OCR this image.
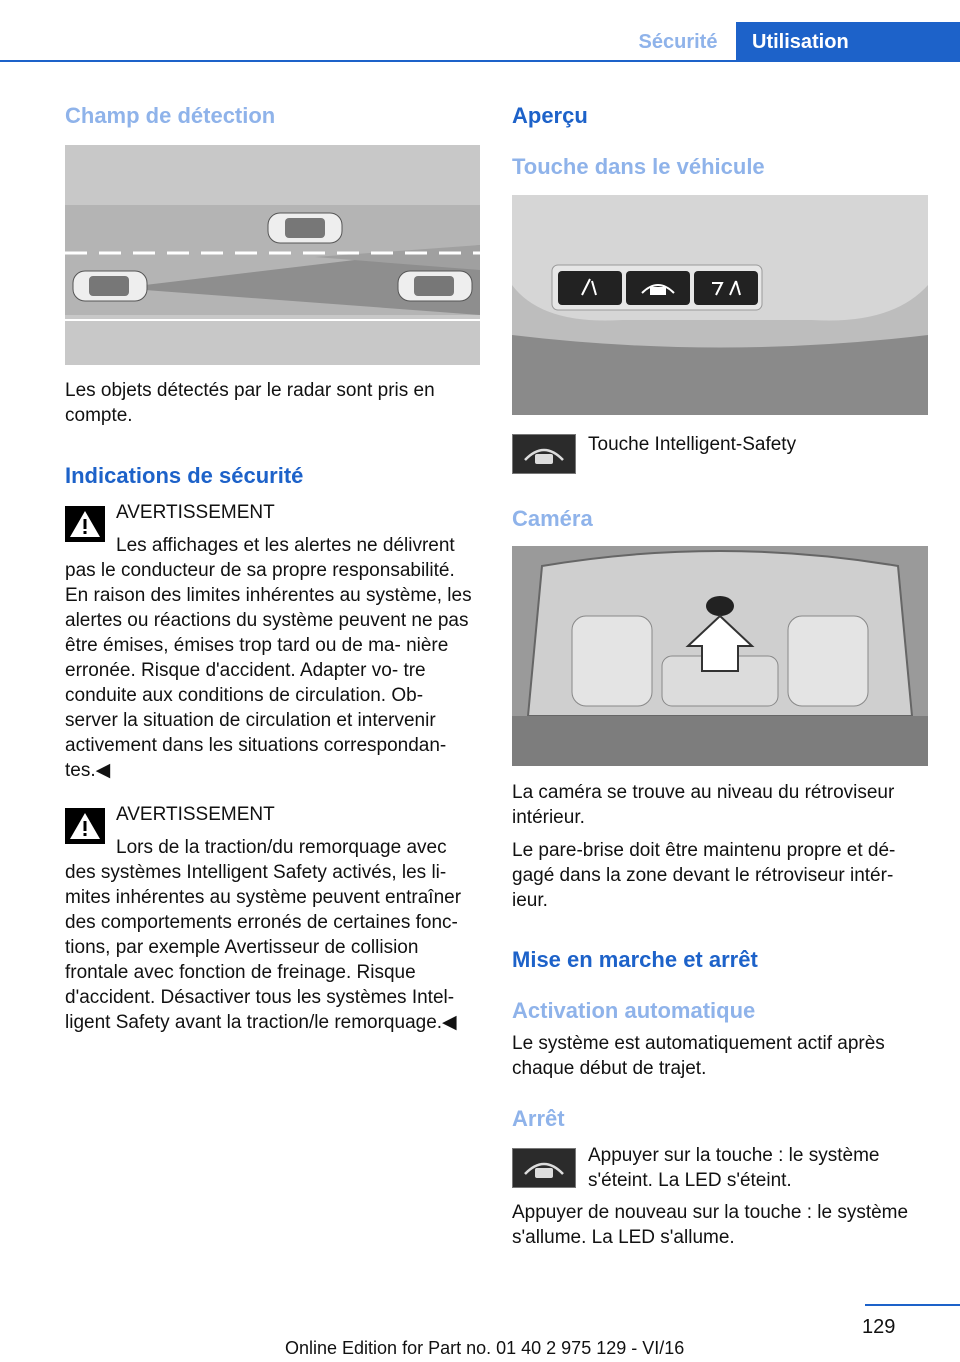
Sécurité	Utilisation
Champ de détection
Les objets détectés par le radar sont pris en compte.
Indications de sécurité
AVERTISSEMENT
Les affichages et les alertes ne délivrent
pas le conducteur de sa propre responsabilité. En raison des limites inhérentes au système, les alertes ou réactions du système peuvent ne pas être émises, émises trop tard ou de ma‐ nière erronée. Risque d'accident. Adapter vo‐ tre conduite aux conditions de circulation. Ob‐ server la situation de circulation et intervenir activement dans les situations correspondan‐ tes.◀
AVERTISSEMENT
Lors de la traction/du remorquage avec
des systèmes Intelligent Safety activés, les li‐ mites inhérentes au système peuvent entraîner des comportements erronés de certaines fonc‐ tions, par exemple Avertisseur de collision frontale avec fonction de freinage. Risque d'accident. Désactiver tous les systèmes Intel‐ ligent Safety avant la traction/le remorquage.◀
Aperçu
Touche dans le véhicule
Touche Intelligent-Safety
Caméra
La caméra se trouve au niveau du rétroviseur intérieur.
Le pare-brise doit être maintenu propre et dé‐ gagé dans la zone devant le rétroviseur intér‐ ieur.
Mise en marche et arrêt
Activation automatique
Le système est automatiquement actif après chaque début de trajet.
Arrêt
Appuyer sur la touche : le système s'éteint. La LED s'éteint.
Appuyer de nouveau sur la touche : le système s'allume. La LED s'allume.
129
Online Edition for Part no. 01 40 2 975 129 - VI/16
